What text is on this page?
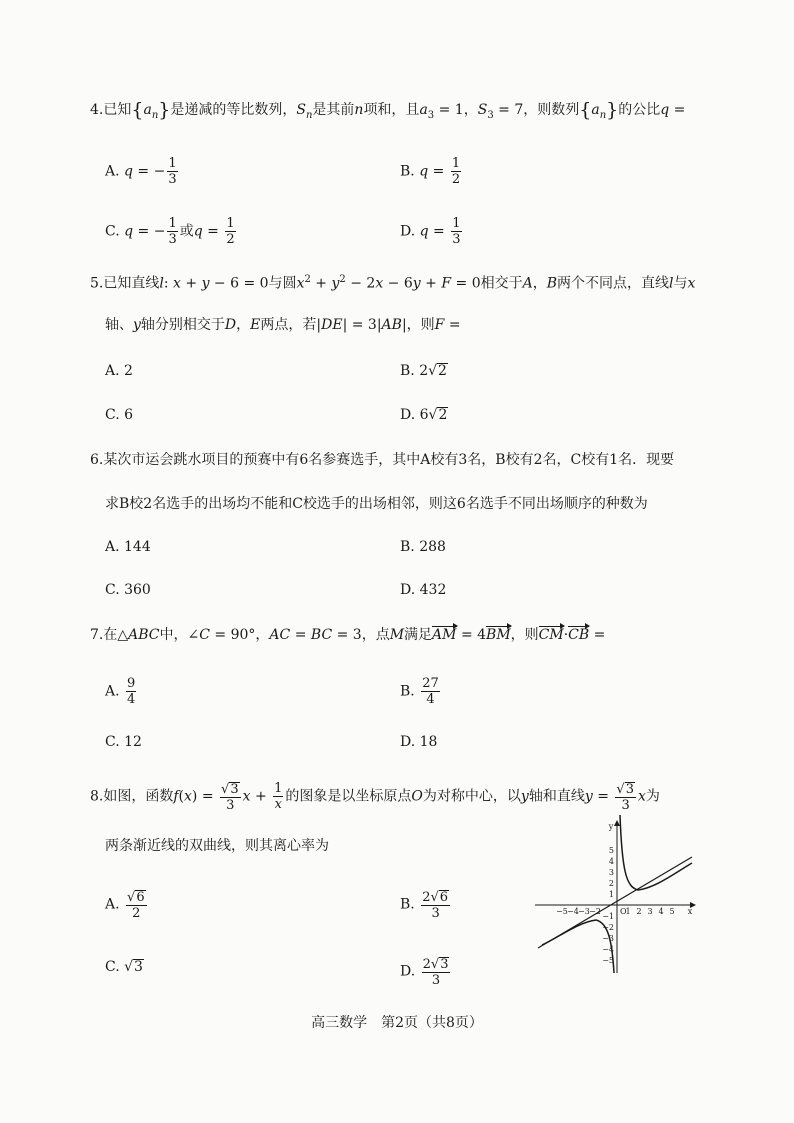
4.已知$\{a_n\}$是递减的等比数列，$S_n$是其前n项和，且$a_3 = 1$，$S_3 = 7$，则数列$\{a_n\}$的公比q =
A. q = − $\frac{1}{3}$	B. $q = \frac{1}{2}$
C. q = − $\frac{1}{3}$ 或$q = \frac{1}{2}$	D. $q = \frac{1}{3}$
5.已知直线l: x + y − 6 = 0与圆$x^2 + y^2 - 2x - 6y + F = 0$相交于A，B两个不同点，直线l与x
轴、y轴分别相交于D，E两点，若|DE| = 3|AB|，则F =
A. 2	B. 2√2
C. 6	D. 6√2
6.某次市运会跳水项目的预赛中有6名参赛选手，其中A校有3名，B校有2名，C校有1名．现要
求B校2名选手的出场均不能和C校选手的出场相邻，则这6名选手不同出场顺序的种数为
A. 144	B. 288
C. 360	D. 432
7.在△ABC中，∠C = 90°，AC = BC = 3，点M满足AM = 4BM，则CM·CB =
A. $\frac{9}{4}$	B. $\frac{27}{4}$
C. 12	D. 18
8.如图，函数$f(x) = \frac{√3}{3}$ $x + \frac{1}{x}$ 的图象是以坐标原点O为对称中心，以y轴和直线$y = \frac{√3}{3}$ x为
两条渐近线的双曲线，则其离心率为
A. $\frac{√6}{2}$	B. $\frac{2√6}{3}$
C. √3	D. $\frac{2√3}{3}$
−5 −4 −3 −2	1 2 3 4 5
5
4
3
2
1
−1
−2
−3
−4
−5
x
y
O
高三数学　第2页（共8页）
